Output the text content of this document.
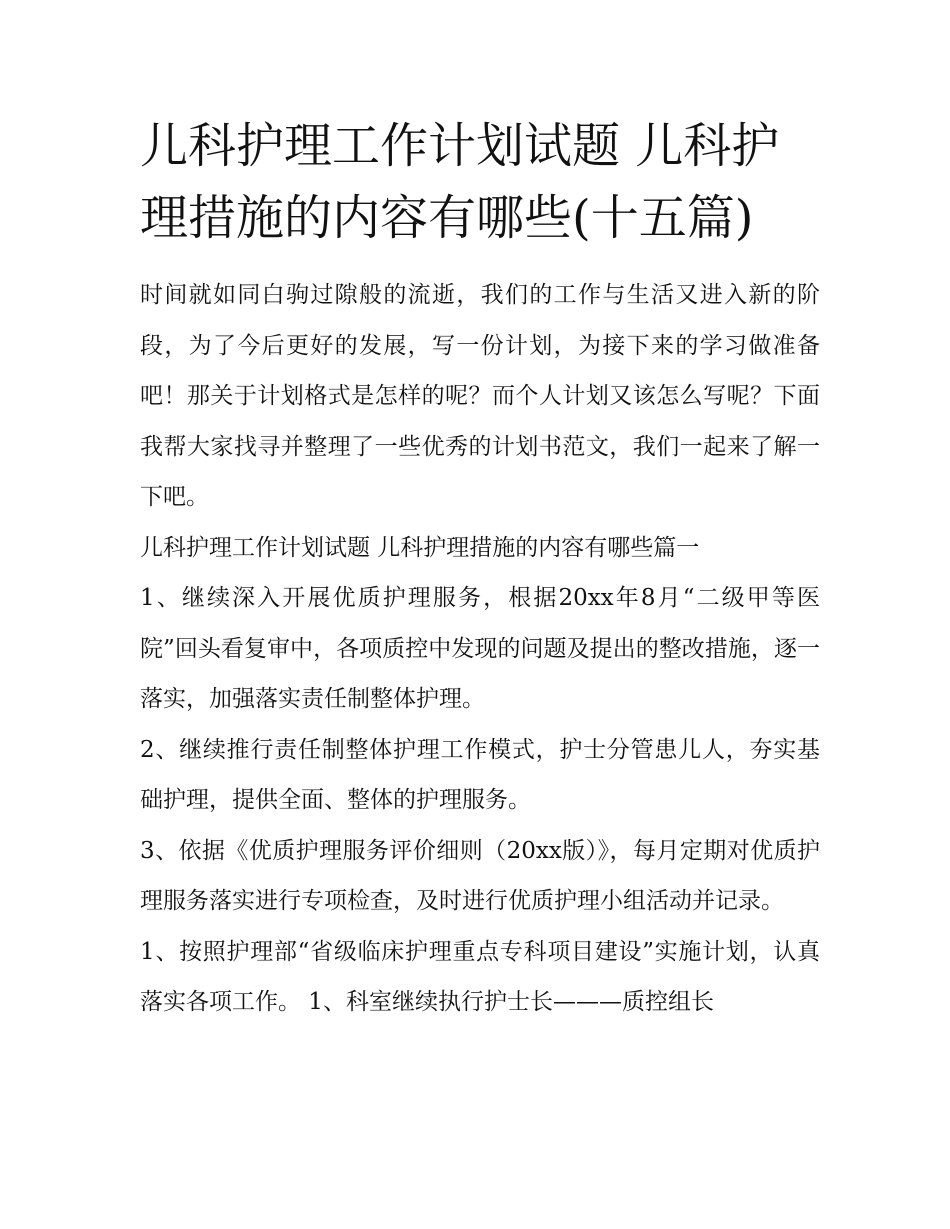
儿科护理工作计划试题 儿科护理措施的内容有哪些(十五篇)

时间就如同白驹过隙般的流逝，我们的工作与生活又进入新的阶段，为了今后更好的发展，写一份计划，为接下来的学习做准备吧！那关于计划格式是怎样的呢？而个人计划又该怎么写呢？下面我帮大家找寻并整理了一些优秀的计划书范文，我们一起来了解一下吧。

儿科护理工作计划试题 儿科护理措施的内容有哪些篇一

1、继续深入开展优质护理服务，根据20xx年8月“二级甲等医院”回头看复审中，各项质控中发现的问题及提出的整改措施，逐一落实，加强落实责任制整体护理。

2、继续推行责任制整体护理工作模式，护士分管患儿人，夯实基础护理，提供全面、整体的护理服务。

3、依据《优质护理服务评价细则（20xx版）》，每月定期对优质护理服务落实进行专项检查，及时进行优质护理小组活动并记录。

1、按照护理部“省级临床护理重点专科项目建设”实施计划，认真落实各项工作。 1、科室继续执行护士长———质控组长
